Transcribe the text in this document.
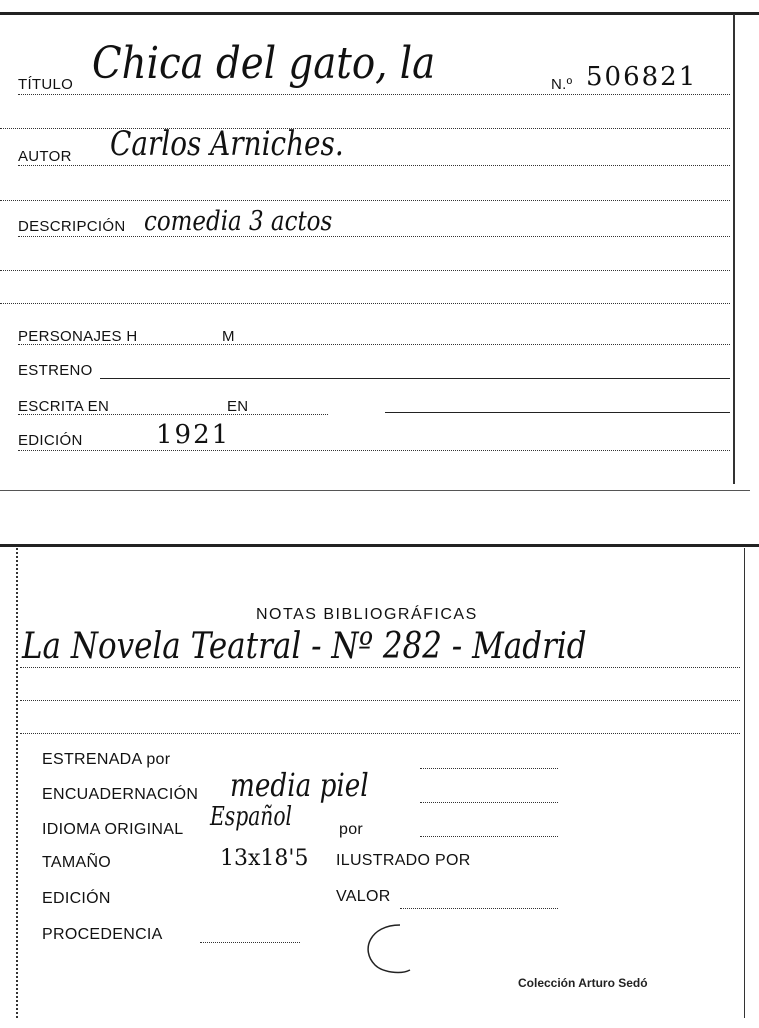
TÍTULO Chica del gato, la	N.º 506821
AUTOR Carlos Arniches.
DESCRIPCIÓN comedia 3 actos
PERSONAJES H	M
ESTRENO
ESCRITA EN	EN
EDICIÓN	1921
NOTAS BIBLIOGRÁFICAS
La Novela Teatral - Nº 282 - Madrid
ESTRENADA por
ENCUADERNACIÓN media piel
IDIOMA ORIGINAL Español	por
TAMAÑO	13x18'5 ILUSTRADO POR
EDICIÓN	VALOR
PROCEDENCIA
Colección Arturo Sedó
